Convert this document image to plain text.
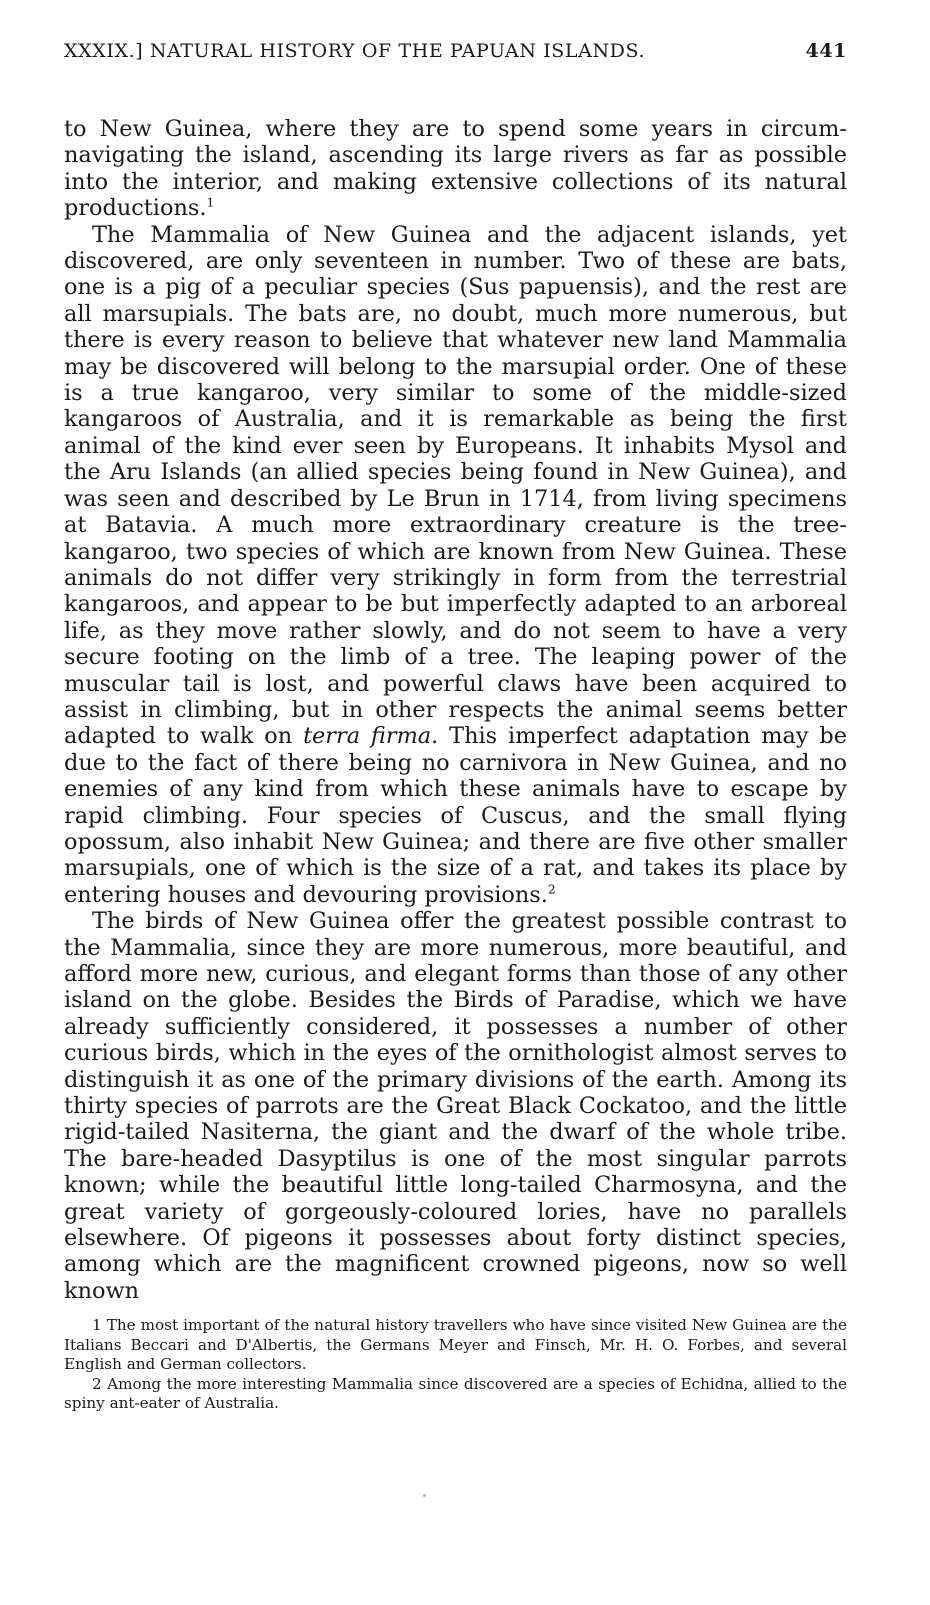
XXXIX.] NATURAL HISTORY OF THE PAPUAN ISLANDS.	441

to New Guinea, where they are to spend some years in circumnavigating the island, ascending its large rivers as far as possible into the interior, and making extensive collections of its natural productions.$^1$

The Mammalia of New Guinea and the adjacent islands, yet discovered, are only seventeen in number. Two of these are bats, one is a pig of a peculiar species (Sus papuensis), and the rest are all marsupials. The bats are, no doubt, much more numerous, but there is every reason to believe that whatever new land Mammalia may be discovered will belong to the marsupial order. One of these is a true kangaroo, very similar to some of the middle-sized kangaroos of Australia, and it is remarkable as being the first animal of the kind ever seen by Europeans. It inhabits Mysol and the Aru Islands (an allied species being found in New Guinea), and was seen and described by Le Brun in 1714, from living specimens at Batavia. A much more extraordinary creature is the tree-kangaroo, two species of which are known from New Guinea. These animals do not differ very strikingly in form from the terrestrial kangaroos, and appear to be but imperfectly adapted to an arboreal life, as they move rather slowly, and do not seem to have a very secure footing on the limb of a tree. The leaping power of the muscular tail is lost, and powerful claws have been acquired to assist in climbing, but in other respects the animal seems better adapted to walk on terra firma. This imperfect adaptation may be due to the fact of there being no carnivora in New Guinea, and no enemies of any kind from which these animals have to escape by rapid climbing. Four species of Cuscus, and the small flying opossum, also inhabit New Guinea; and there are five other smaller marsupials, one of which is the size of a rat, and takes its place by entering houses and devouring provisions.$^2$

The birds of New Guinea offer the greatest possible contrast to the Mammalia, since they are more numerous, more beautiful, and afford more new, curious, and elegant forms than those of any other island on the globe. Besides the Birds of Paradise, which we have already sufficiently considered, it possesses a number of other curious birds, which in the eyes of the ornithologist almost serves to distinguish it as one of the primary divisions of the earth. Among its thirty species of parrots are the Great Black Cockatoo, and the little rigid-tailed Nasiterna, the giant and the dwarf of the whole tribe. The bare-headed Dasyptilus is one of the most singular parrots known; while the beautiful little long-tailed Charmosyna, and the great variety of gorgeously-coloured lories, have no parallels elsewhere. Of pigeons it possesses about forty distinct species, among which are the magnificent crowned pigeons, now so well known

1 The most important of the natural history travellers who have since visited New Guinea are the Italians Beccari and D'Albertis, the Germans Meyer and Finsch, Mr. H. O. Forbes, and several English and German collectors.

2 Among the more interesting Mammalia since discovered are a species of Echidna, allied to the spiny ant-eater of Australia.
